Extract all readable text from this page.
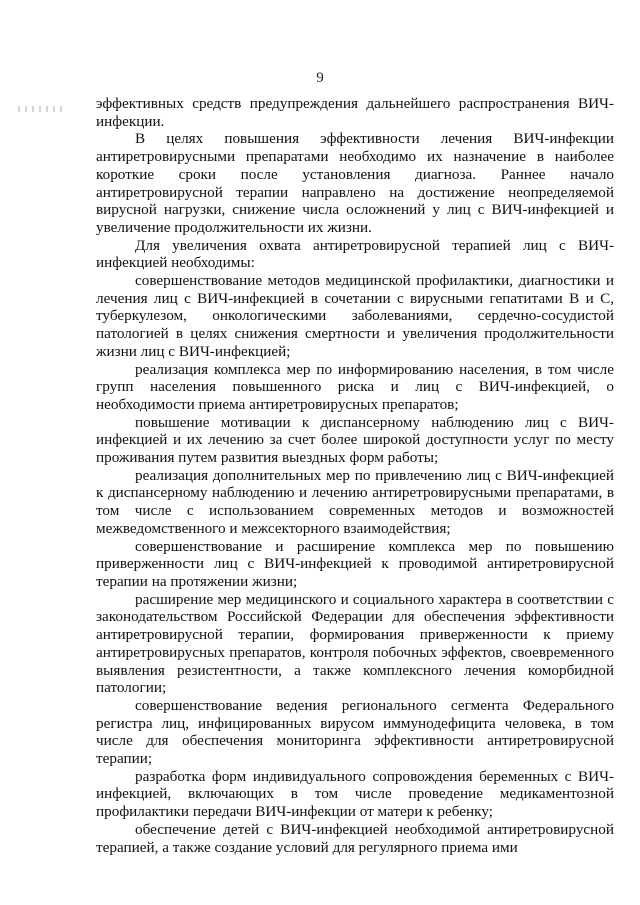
9

эффективных средств предупреждения дальнейшего распространения ВИЧ-инфекции.

В целях повышения эффективности лечения ВИЧ-инфекции антиретровирусными препаратами необходимо их назначение в наиболее короткие сроки после установления диагноза. Раннее начало антиретровирусной терапии направлено на достижение неопределяемой вирусной нагрузки, снижение числа осложнений у лиц с ВИЧ-инфекцией и увеличение продолжительности их жизни.

Для увеличения охвата антиретровирусной терапией лиц с ВИЧ-инфекцией необходимы:

совершенствование методов медицинской профилактики, диагностики и лечения лиц с ВИЧ-инфекцией в сочетании с вирусными гепатитами В и С, туберкулезом, онкологическими заболеваниями, сердечно-сосудистой патологией в целях снижения смертности и увеличения продолжительности жизни лиц с ВИЧ-инфекцией;

реализация комплекса мер по информированию населения, в том числе групп населения повышенного риска и лиц с ВИЧ-инфекцией, о необходимости приема антиретровирусных препаратов;

повышение мотивации к диспансерному наблюдению лиц с ВИЧ-инфекцией и их лечению за счет более широкой доступности услуг по месту проживания путем развития выездных форм работы;

реализация дополнительных мер по привлечению лиц с ВИЧ-инфекцией к диспансерному наблюдению и лечению антиретровирусными препаратами, в том числе с использованием современных методов и возможностей межведомственного и межсекторного взаимодействия;

совершенствование и расширение комплекса мер по повышению приверженности лиц с ВИЧ-инфекцией к проводимой антиретровирусной терапии на протяжении жизни;

расширение мер медицинского и социального характера в соответствии с законодательством Российской Федерации для обеспечения эффективности антиретровирусной терапии, формирования приверженности к приему антиретровирусных препаратов, контроля побочных эффектов, своевременного выявления резистентности, а также комплексного лечения коморбидной патологии;

совершенствование ведения регионального сегмента Федерального регистра лиц, инфицированных вирусом иммунодефицита человека, в том числе для обеспечения мониторинга эффективности антиретровирусной терапии;

разработка форм индивидуального сопровождения беременных с ВИЧ-инфекцией, включающих в том числе проведение медикаментозной профилактики передачи ВИЧ-инфекции от матери к ребенку;

обеспечение детей с ВИЧ-инфекцией необходимой антиретровирусной терапией, а также создание условий для регулярного приема ими
